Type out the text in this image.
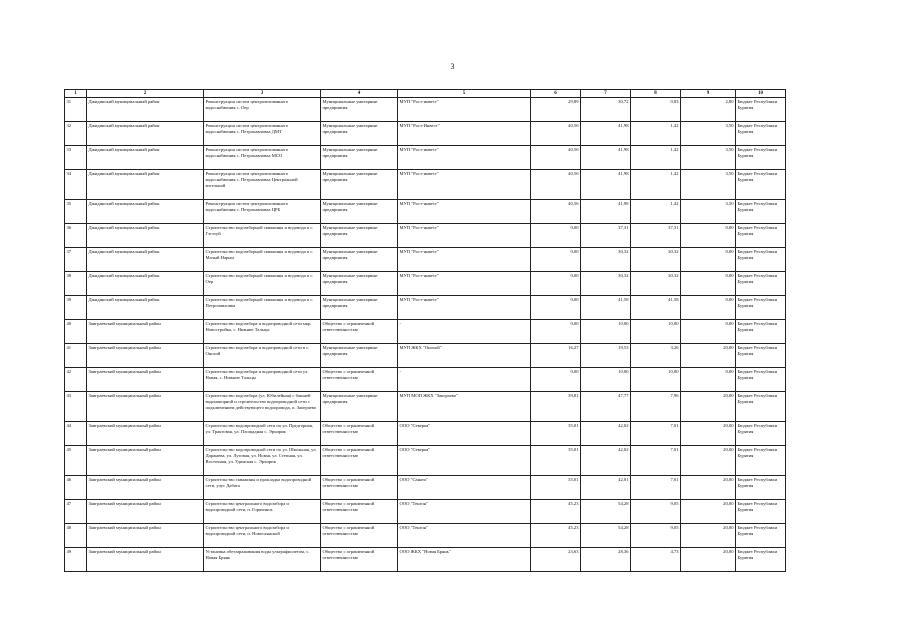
3
1	2	3	4	5	6	7	8	9	10
31	Джидинский муниципальный район	Реконструкция систем централизованного водоснабжения с. Оер	Муниципальные унитарные предприятия	МУП "Рост-инвест"	29,89	30,72	0,83	2,80	Бюджет Республики Бурятия
32	Джидинский муниципальный район	Реконструкция систем централизованного водоснабжения с. Петропавловка ДМТ	Муниципальные унитарные предприятия	МУП "Рост-Инвест"	40,56	41,98	1,42	3,50	Бюджет Республики Бурятия
33	Джидинский муниципальный район	Реконструкция систем централизованного водоснабжения с. Петропавловка МСО	Муниципальные унитарные предприятия	МУП "Рост-инвест"	40,56	41,98	1,42	3,50	Бюджет Республики Бурятия
34	Джидинский муниципальный район	Реконструкция систем централизованного водоснабжения с. Петропавловка Центральной котельной	Муниципальные унитарные предприятия	МУП "Рост-инвест"	40,56	41,98	1,42	3,50	Бюджет Республики Бурятия
35	Джидинский муниципальный район	Реконструкция систем централизованного водоснабжения с. Петропавловка ЦРБ	Муниципальные унитарные предприятия	МУП "Рост-инвест"	40,56	41,98	1,42	3,50	Бюджет Республики Бурятия
36	Джидинский муниципальный район	Строительство водозаборной скважины и водовода в с. Гэгэтуй	Муниципальные унитарные предприятия	МУП "Рост-инвест"	0,00	37,31	37,31	0,00	Бюджет Республики Бурятия
37	Джидинский муниципальный район	Строительство водозаборной скважины и водовода в с. Малый Нарын	Муниципальные унитарные предприятия	МУП "Рост-инвест"	0,00	30,32	30,32	0,00	Бюджет Республики Бурятия
38	Джидинский муниципальный район	Строительство водозаборной скважины и водовода в с. Оер	Муниципальные унитарные предприятия	МУП "Рост-инвест"	0,00	30,32	30,32	0,00	Бюджет Республики Бурятия
39	Джидинский муниципальный район	Строительство водозаборной скважины и водовода в с. Петропавловка	Муниципальные унитарные предприятия	МУП "Рост-инвест"	0,00	41,58	41,58	0,00	Бюджет Республики Бурятия
40	Заиграевский муниципальный район	Строительство водозабора и водопроводной сети мкр. Новостройка, с. Нижние Тальцы	Общество с ограниченной ответственностью	-	0,00	10,00	10,00	0,00	Бюджет Республики Бурятия
41	Заиграевский муниципальный район	Строительство водозабора и водопроводной сети в с. Онохой	Муниципальные унитарные предприятия	МУП ЖКХ "Онохой"	16,27	19,53	3,26	20,00	Бюджет Республики Бурятия
42	Заиграевский муниципальный район	Строительство водозабора и водопроводной сети ул. Новая, с. Нижние Тальцы	Общество с ограниченной ответственностью	-	0,00	10,00	10,00	0,00	Бюджет Республики Бурятия
43	Заиграевский муниципальный район	Строительство водозабора (ул. Юбилейная) с башней водонапорной и строительство водопроводной сети с подключением действующего водопровода, п. Заиграево	Муниципальные унитарные предприятия	МУП МОП ЖКХ "Заиграево"	39,81	47,77	7,96	20,00	Бюджет Республики Бурятия
44	Заиграевский муниципальный район	Строительство водопроводной сети по ул. Предгорная, ул. Трактовая, ул. Площадная с. Эрхирик	Общество с ограниченной ответственностью	ООО "Северка"	35,01	42,02	7,01	20,00	Бюджет Республики Бурятия
45	Заиграевский муниципальный район	Строительство водопроводной сети по ул. Школьная, ул. Даржаева, ул. Луговая, ул. Новая, ул. Степная, ул. Восточная, ул. Удинская с. Эрхирик	Общество с ограниченной ответственностью	ООО "Северка"	35,01	42,02	7,01	20,00	Бюджет Республики Бурятия
46	Заиграевский муниципальный район	Строительство скважины и прокладка водопроводной сети, улус Дабата	Общество с ограниченной ответственностью	ООО "Саната"	35,01	42,01	7,01	20,00	Бюджет Республики Бурятия
47	Заиграевский муниципальный район	Строительство центрального водозабора и водопроводной сети, п. Горячинск	Общество с ограниченной ответственностью	ООО "Тенгон"	45,23	54,28	9,05	20,00	Бюджет Республики Бурятия
48	Заиграевский муниципальный район	Строительство центрального водозабора и водопроводной сети, п. Новосаянской	Общество с ограниченной ответственностью	ООО "Тенгон"	45,23	54,28	9,05	20,00	Бюджет Республики Бурятия
49	Заиграевский муниципальный район	Установка обеззараживания воды ультрафиолетом, с. Новая Брянь	Общество с ограниченной ответственностью	ООО ЖКХ "Новая Брянь"	23,63	28,36	4,73	20,00	Бюджет Республики Бурятия
